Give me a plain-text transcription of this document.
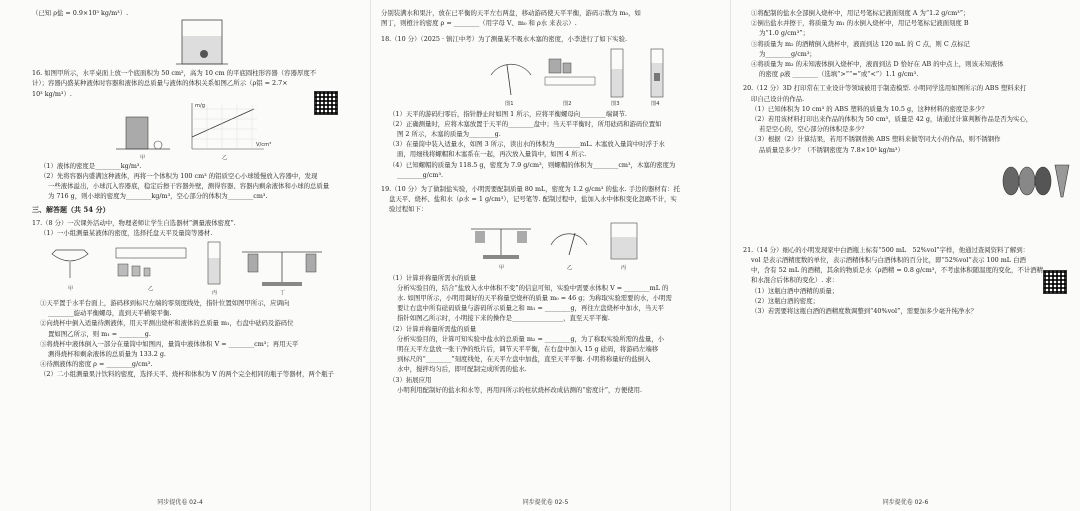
（已知 ρ盐 = 0.9×10³ kg/m³）.

16. 如图甲所示，水平桌面上放一个底面积为 50 cm²，高为 10 cm 的平底圆柱形容器（容器厚度不

计）；容器内盛某种液体时容器和液体的总质量与液体的体积关系如图乙所示（ρ铝 = 2.7×

10³ kg/m³）.

甲
m/g
V/cm³
乙

（1）液体的密度是________kg/m³.

（2）先将容器内盛满这种液体，再将一个体积为 100 cm³ 的铝质空心小球缓慢放入容器中，发现

一些液体溢出，小球沉入容器底，稳定后擦干容器外壁，测得容器、容器内剩余液体和小球的总质量

为 716 g，则小球的密度为________kg/m³，空心部分的体积为________cm³.

三、解答题（共 54 分）

17.（8 分）一次课外活动中，物理老师让学生自选器材“测量液体密度”.

（1）一小组测量某液体的密度，选择托盘天平及量筒等器材.

甲	乙
丙	丁

①天平置于水平台面上，游码移到标尺左端的零刻度线处，指针位置如图甲所示，应调向

________旋动平衡螺母，直到天平横梁平衡.

②向烧杯中倒入适量待测液体，用天平测出烧杯和液体的总质量 m₁，右盘中砝码及游码位

置如图乙所示，则 m₁ = ________g.

③将烧杯中液体倒入一部分在量筒中如图丙，量筒中液体体积 V = ________cm³；再用天平

测得烧杯和剩余液体的总质量为 133.2 g.

④待测液体的密度 ρ = ________g/cm³.

（2）二小组测量果汁饮料的密度，选择天平、烧杯和体积为 V 的两个完全相同的瓶子等器材，两个瓶子

同步提优卷 02-4

分别装满水和果汁，放在已平衡的天平左右两盘，移动游码使天平平衡，游码示数为 m₀，如

图丁，则橙汁的密度 ρ = ________（用字母 V、m₀ 和 ρ水 来表示）.

18.（10 分）（2025 · 镇江中考）为了测量某不吸水木塞的密度，小李进行了如下实验.

图1	图2	图3	图4

（1）天平的游码归零后，指针静止时如图 1 所示，应将平衡螺母向________端调节.

（2）正确测量时，应将木塞放置于天平的________盘中；当天平平衡时，所用砝码和游码位置如

图 2 所示，木塞的质量为________g.

（3）在量筒中装入适量水，如图 3 所示，读出水的体积为________mL. 木塞放入量筒中时浮于水

面，用细线将螺帽和木塞系在一起，再次放入量筒中，如图 4 所示.

（4）已知螺帽的质量为 118.5 g，密度为 7.9 g/cm³，则螺帽的体积为________cm³，木塞的密度为

________g/cm³.

19.（10 分）为了做制盐实验，小明需要配制质量 80 mL，密度为 1.2 g/cm³ 的盐水. 手边的器材有：托

盘天平、烧杯、盐和水（ρ水 = 1 g/cm³），记号笔等. 配制过程中，盐加入水中体积变化忽略不计，实

验过程如下：

甲	乙	丙

（1）计算并称量所需水的质量

分析实验目的，结合“盐放入水中体积不变”的信息可知，实验中需要水体积 V = ________mL 的

水. 如图甲所示，小明用调好的天平称量空烧杯的质量 m₀ = 46 g；为称取实验需要的水，小明需

要让右盘中所有砝码质量与游码所示质量之和 m₁ = ________g，再往左盘烧杯中加水，当天平

指针如图乙所示时，小明接下来的操作是________________，直至天平平衡.

（2）计算并称量所需盐的质量

分析实验目的，计算可知实验中盐水的总质量 m₂ = ________g，为了称取实验所需的盐量，小

明在天平左盘放一张干净的纸片后，调节天平平衡，在右盘中加入 15 g 砝码，将游码左端移

到标尺的“________”刻度线处，在天平左盘中加盐，直至天平平衡. 小明将称量好的盐倒入

水中，搅拌均匀后，即可配制完成所需的盐水.

（3）拓展应用

小明利用配制好的盐水和水等，再用四所示的柱状烧杯改成估测的“密度计”，方便使用.

同步提优卷 02-5

①将配制的盐水全部倒入烧杯中，用记号笔标记液面刻度 A 为“1.2 g/cm³”；

②倒出盐水并擦干，将质量为 m₁ 的水倒入烧杯中，用记号笔标记液面刻度 B

为“1.0 g/cm³”；

③将质量为 m₂ 的酒精倒入烧杯中，液面到达 120 mL 的 C 点，则 C 点标记

为________g/cm³；

④将质量为 m₃ 的未知液体倒入烧杯中，液面到达 D 恰好在 AB 的中点上，则该未知液体

的密度 ρ液 ________（选填“>”“=”或“<”）1.1 g/cm³.

20.（12 分）3D 打印常在工业设计等领域被用于制造模型. 小明同学选用如图所示的 ABS 塑料来打

印自己设计的作品.

（1）已知体积为 10 cm³ 的 ABS 塑料的质量为 10.5 g，这种材料的密度是多少？

（2）若用该材料打印出来作品的体积为 50 cm³，质量是 42 g，请通过计算判断作品是否为实心，

若是空心的，空心部分的体积是多少？

（3）根据（2）计算结果，若用不锈钢替换 ABS 塑料来做等同大小的作品，则不锈钢作

品质量是多少？（不锈钢密度为 7.8×10³ kg/m³）

21.（14 分）细心的小明发现家中白酒瓶上标有“500 mL　52%vol”字样，他通过查阅资料了解到：

vol 是表示酒精度数的单位，表示酒精体积与白酒体积的百分比，即“52%vol”表示 100 mL 白酒

中，含有 52 mL 的酒精，其余的物质是水（ρ酒精 = 0.8 g/cm³，不考虑体积随温度的变化，不计酒精

和水混合后体积的变化）. 求：

（1）这瓶白酒中酒精的质量；

（2）这瓶白酒的密度；

（3）若需要将这瓶白酒的酒精度数调整到“40%vol”，需要加多少毫升纯净水？

同步提优卷 02-6
